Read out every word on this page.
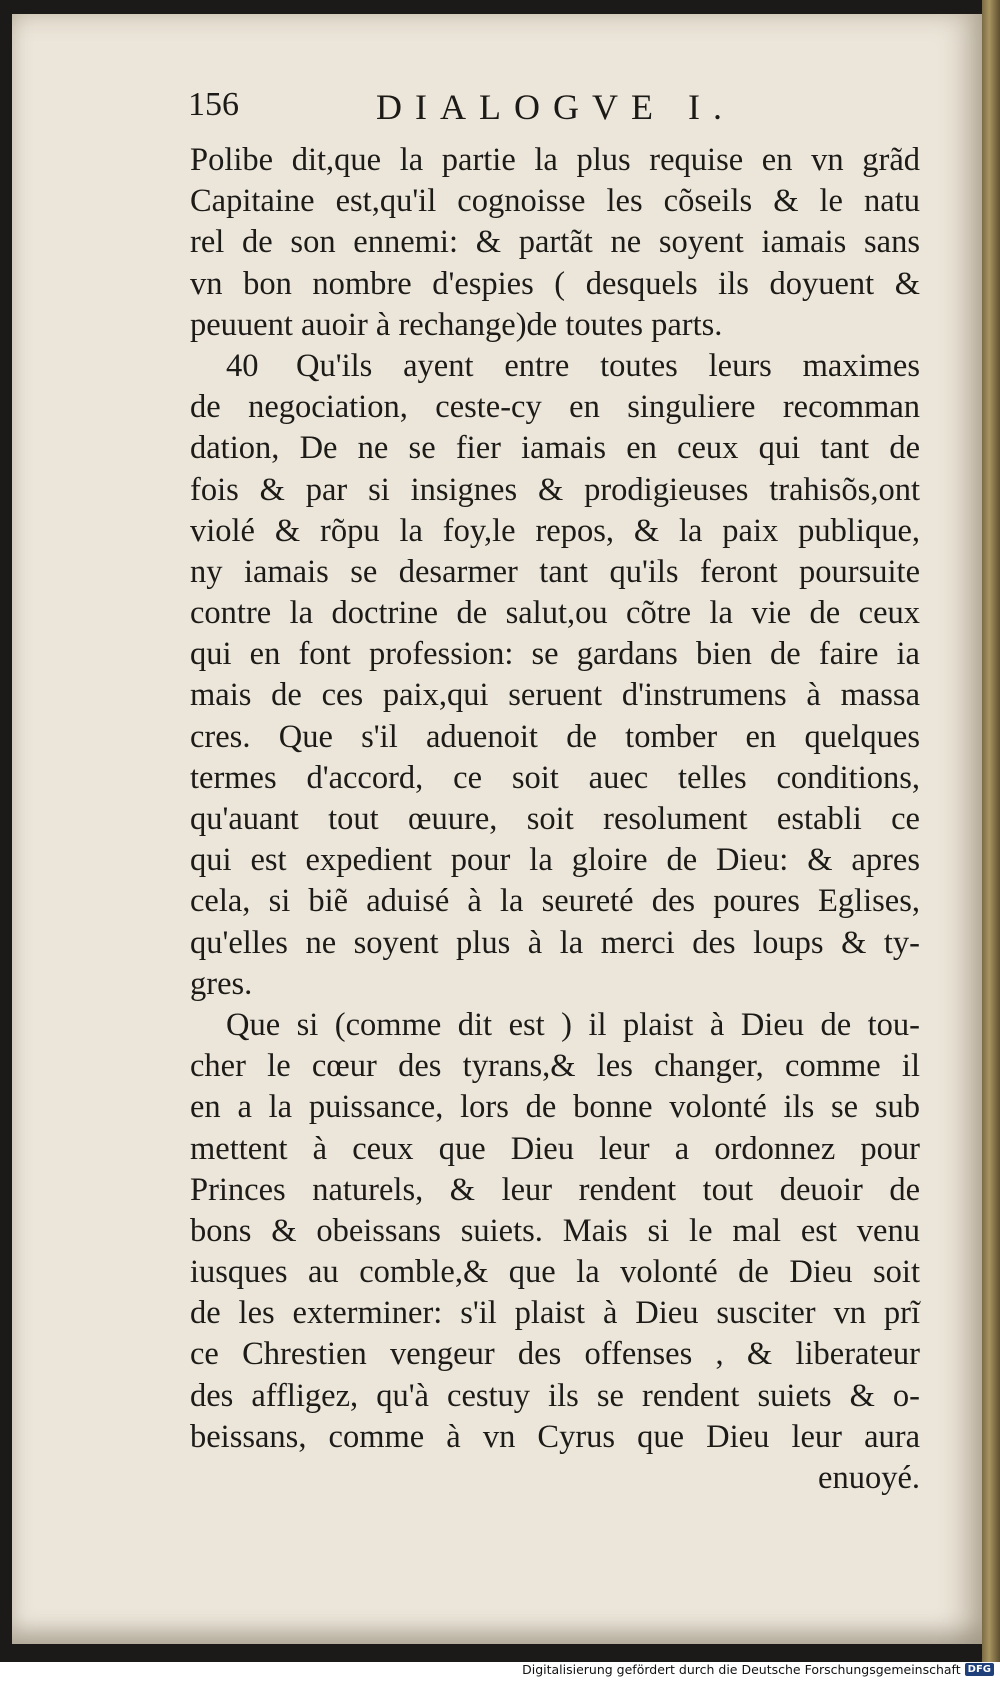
156	DIALOGVE I.
Polibe dit,que la partie la plus requise en vn grãd
Capitaine est,qu'il cognoisse les cõseils & le natu
rel de son ennemi: & partãt ne soyent iamais sans
vn bon nombre d'espies ( desquels ils doyuent &
peuuent auoir à rechange)de toutes parts.
40 Qu'ils ayent entre toutes leurs maximes
de negociation, ceste-cy en singuliere recomman
dation, De ne se fier iamais en ceux qui tant de
fois & par si insignes & prodigieuses trahisõs,ont
violé & rõpu la foy,le repos, & la paix publique,
ny iamais se desarmer tant qu'ils feront poursuite
contre la doctrine de salut,ou cõtre la vie de ceux
qui en font profession: se gardans bien de faire ia
mais de ces paix,qui seruent d'instrumens à massa
cres. Que s'il aduenoit de tomber en quelques
termes d'accord, ce soit auec telles conditions,
qu'auant tout œuure, soit resolument establi ce
qui est expedient pour la gloire de Dieu: & apres
cela, si biẽ aduisé à la seureté des poures Eglises,
qu'elles ne soyent plus à la merci des loups & ty-
gres.
Que si (comme dit est ) il plaist à Dieu de tou-
cher le cœur des tyrans,& les changer, comme il
en a la puissance, lors de bonne volonté ils se sub
mettent à ceux que Dieu leur a ordonnez pour
Princes naturels, & leur rendent tout deuoir de
bons & obeissans suiets. Mais si le mal est venu
iusques au comble,& que la volonté de Dieu soit
de les exterminer: s'il plaist à Dieu susciter vn prĩ
ce Chrestien vengeur des offenses , & liberateur
des affligez, qu'à cestuy ils se rendent suiets & o-
beissans, comme à vn Cyrus que Dieu leur aura
enuoyé.
Digitalisierung gefördert durch die Deutsche Forschungsgemeinschaft DFG
